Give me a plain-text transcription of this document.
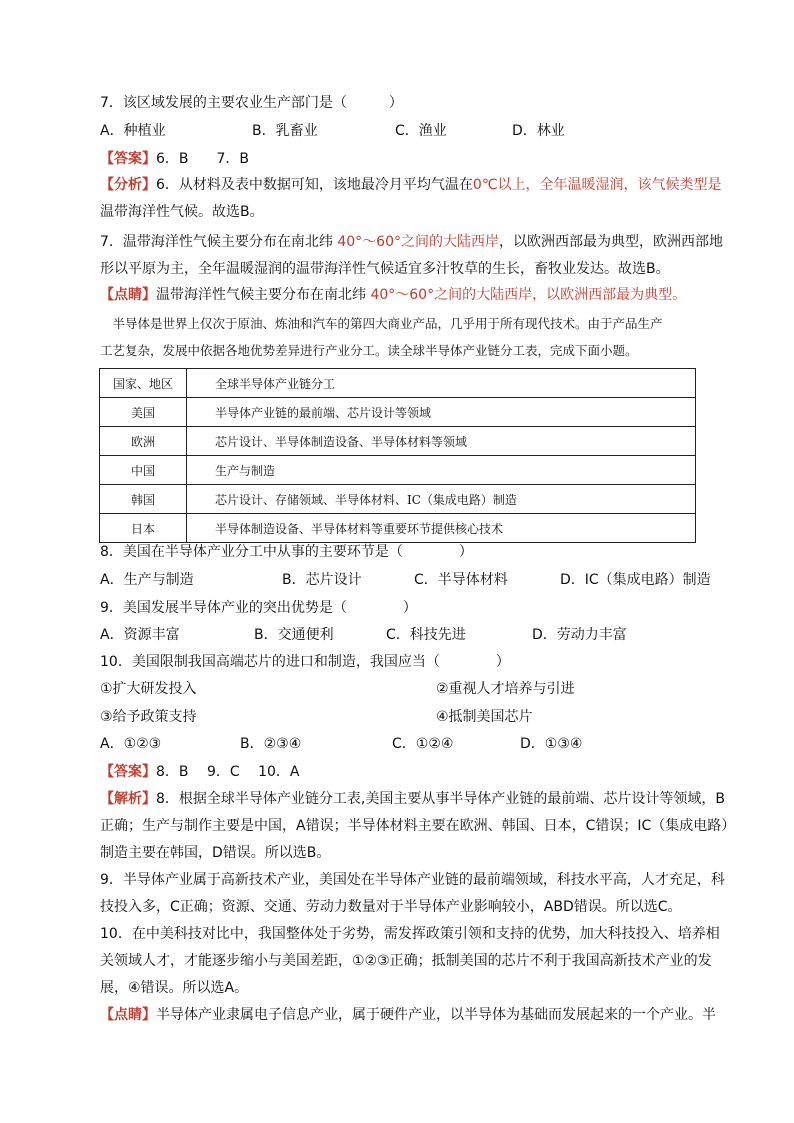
7．该区域发展的主要农业生产部门是（　　　）
A．种植业	B．乳畜业	C．渔业	D．林业
【答案】6．B　　7．B
【分析】6．从材料及表中数据可知，该地最冷月平均气温在0℃以上，全年温暖湿润，该气候类型是
温带海洋性气候。故选B。
7．温带海洋性气候主要分布在南北纬 40°～60°之间的大陆西岸，以欧洲西部最为典型，欧洲西部地
形以平原为主，全年温暖湿润的温带海洋性气候适宜多汁牧草的生长，畜牧业发达。故选B。
【点睛】温带海洋性气候主要分布在南北纬 40°～60°之间的大陆西岸，以欧洲西部最为典型。
　半导体是世界上仅次于原油、炼油和汽车的第四大商业产品，几乎用于所有现代技术。由于产品生产
工艺复杂，发展中依据各地优势差异进行产业分工。读全球半导体产业链分工表，完成下面小题。
国家、地区	全球半导体产业链分工
美国	半导体产业链的最前端、芯片设计等领域
欧洲	芯片设计、半导体制造设备、半导体材料等领域
中国	生产与制造
韩国	芯片设计、存储领域、半导体材料、IC（集成电路）制造
日本	半导体制造设备、半导体材料等重要环节提供核心技术
8．美国在半导体产业分工中从事的主要环节是（　　　　）
A．生产与制造	B．芯片设计	C．半导体材料	D．IC（集成电路）制造
9．美国发展半导体产业的突出优势是（　　　　）
A．资源丰富	B．交通便利	C．科技先进	D．劳动力丰富
10．美国限制我国高端芯片的进口和制造，我国应当（　　　　）
①扩大研发投入	②重视人才培养与引进
③给予政策支持	④抵制美国芯片
A．①②③	B．②③④	C．①②④	D．①③④
【答案】8．B　 9．C　 10．A
【解析】8．根据全球半导体产业链分工表,美国主要从事半导体产业链的最前端、芯片设计等领域，B
正确；生产与制作主要是中国，A错误；半导体材料主要在欧洲、韩国、日本，C错误；IC（集成电路）
制造主要在韩国，D错误。所以选B。
9．半导体产业属于高新技术产业，美国处在半导体产业链的最前端领域，科技水平高，人才充足，科
技投入多，C正确；资源、交通、劳动力数量对于半导体产业影响较小，ABD错误。所以选C。
10．在中美科技对比中，我国整体处于劣势，需发挥政策引领和支持的优势，加大科技投入、培养相
关领域人才，才能逐步缩小与美国差距，①②③正确；抵制美国的芯片不利于我国高新技术产业的发
展，④错误。所以选A。
【点睛】半导体产业隶属电子信息产业，属于硬件产业，以半导体为基础而发展起来的一个产业。半
